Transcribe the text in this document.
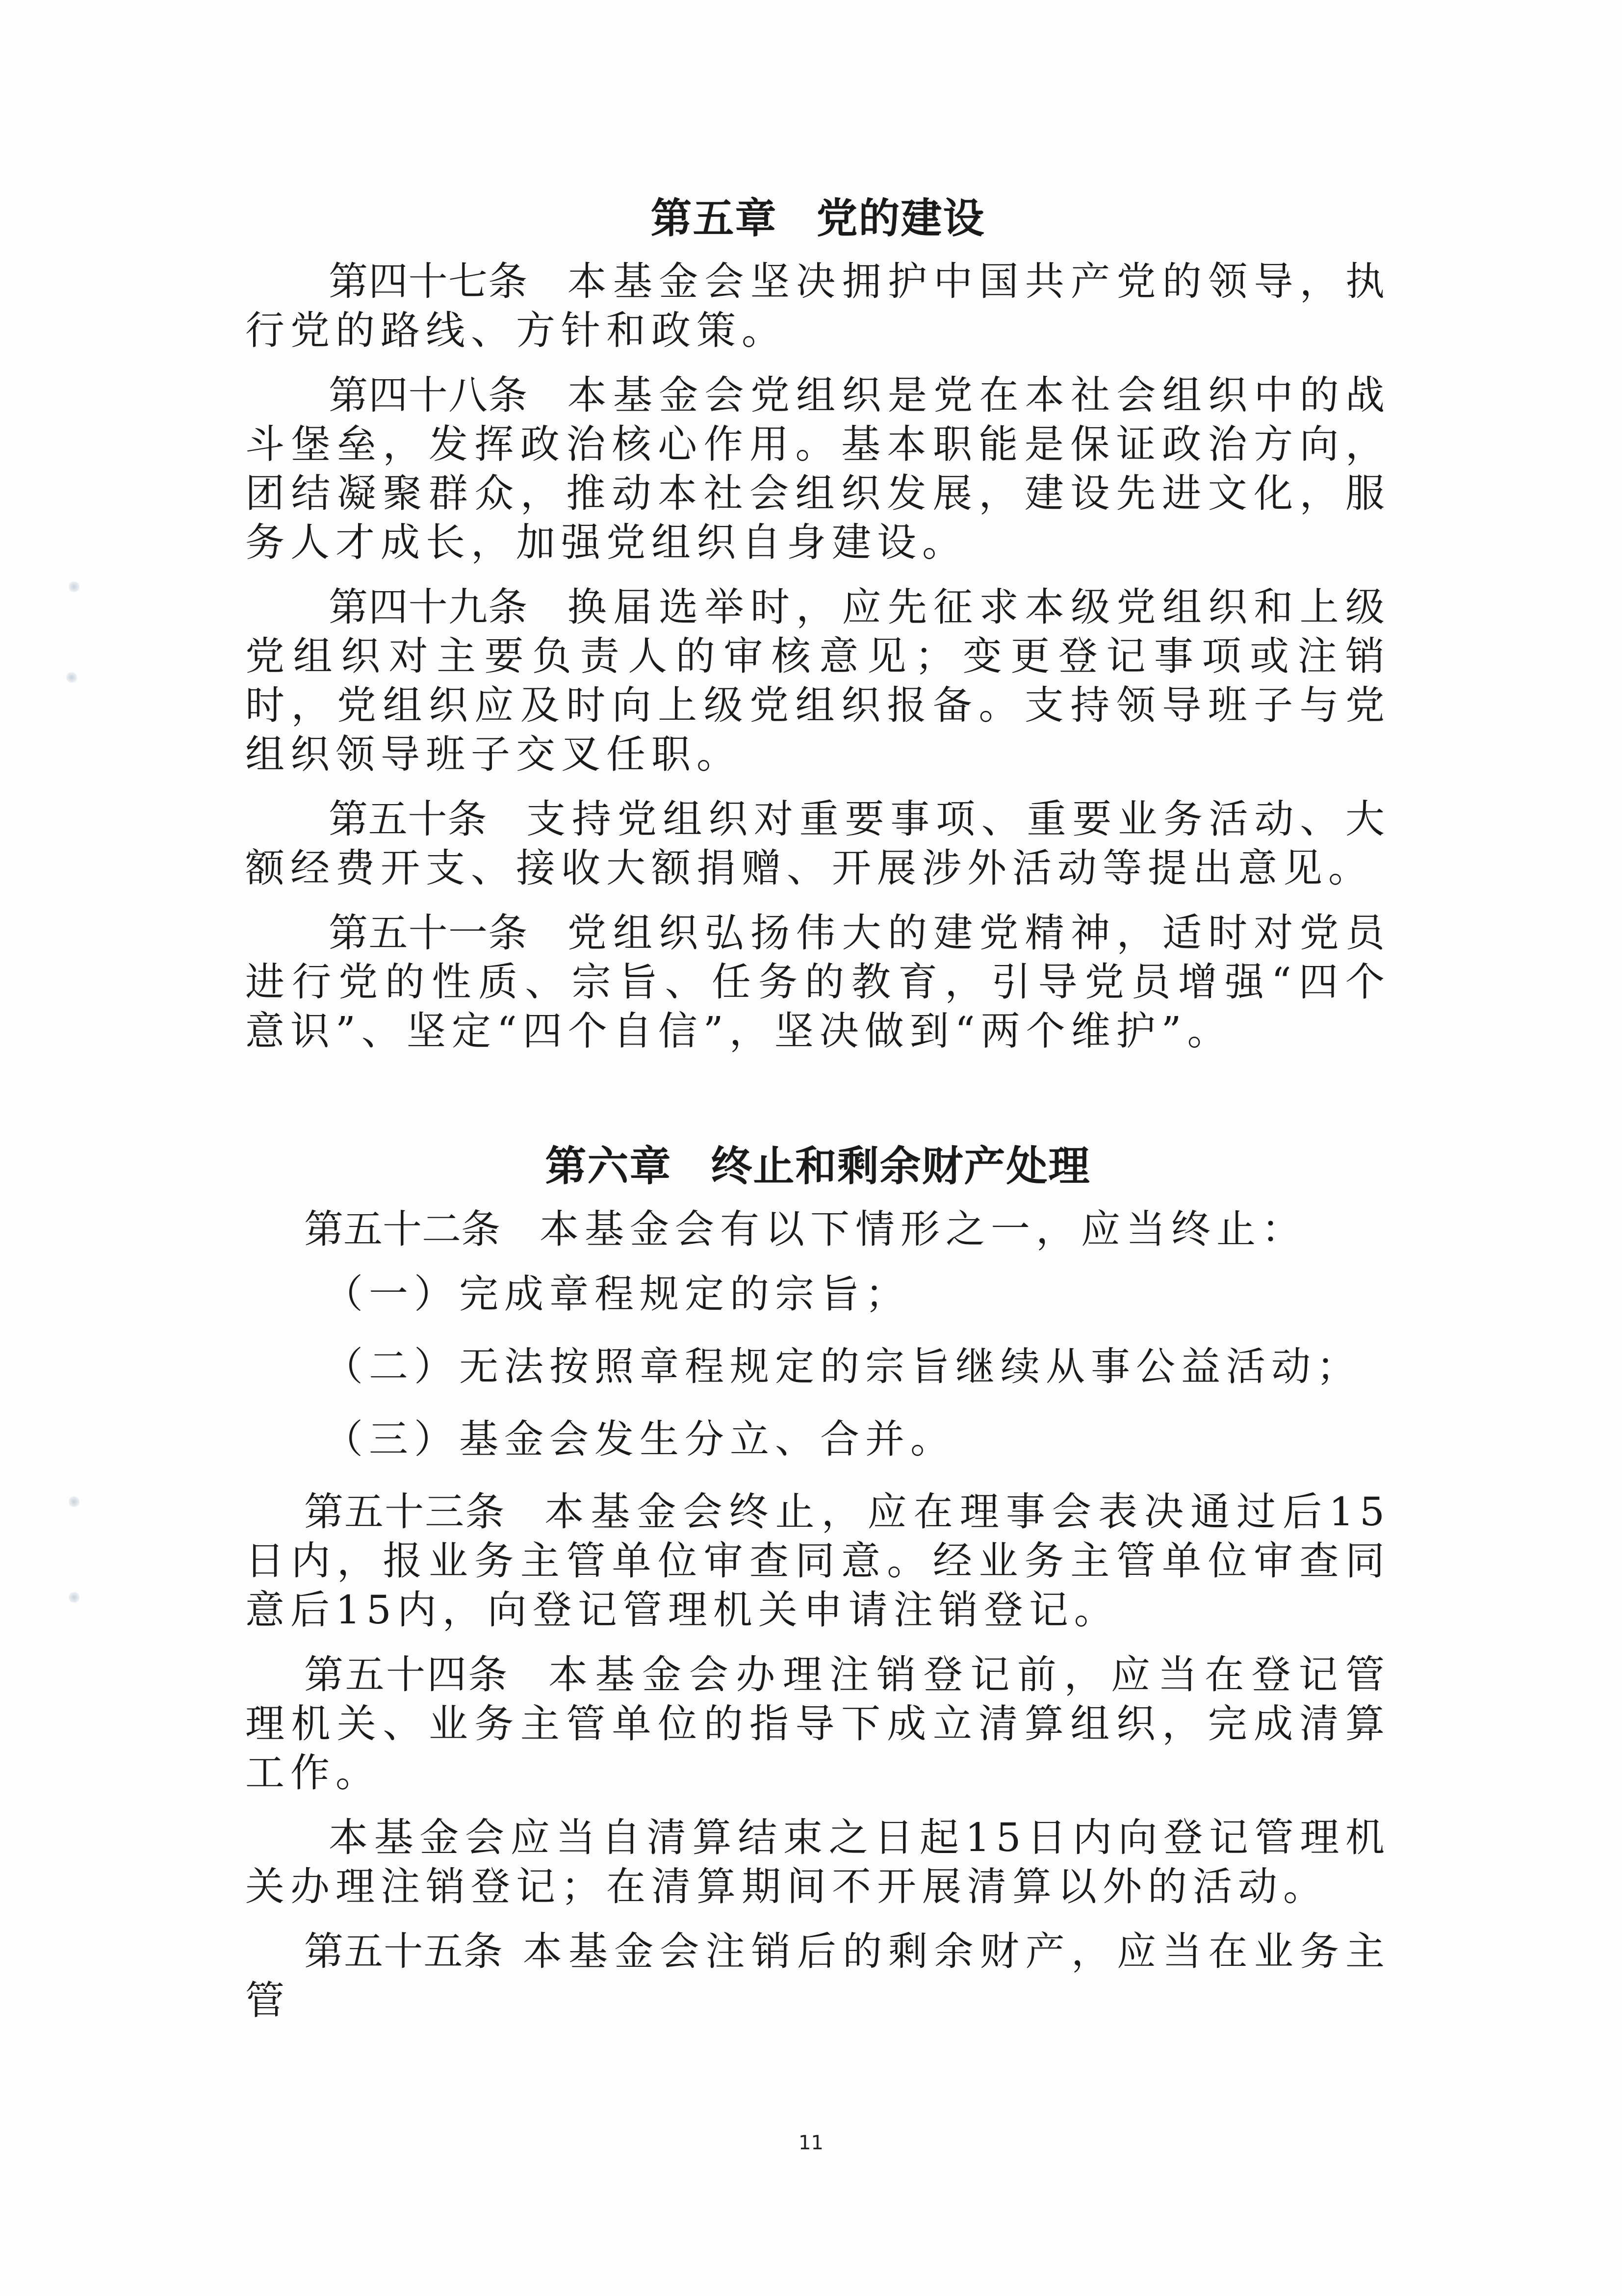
第五章 党的建设

第四十七条 本基金会坚决拥护中国共产党的领导，执行党的路线、方针和政策。

第四十八条 本基金会党组织是党在本社会组织中的战斗堡垒，发挥政治核心作用。基本职能是保证政治方向，团结凝聚群众，推动本社会组织发展，建设先进文化，服务人才成长，加强党组织自身建设。

第四十九条 换届选举时，应先征求本级党组织和上级党组织对主要负责人的审核意见；变更登记事项或注销时，党组织应及时向上级党组织报备。支持领导班子与党组织领导班子交叉任职。

第五十条 支持党组织对重要事项、重要业务活动、大额经费开支、接收大额捐赠、开展涉外活动等提出意见。

第五十一条 党组织弘扬伟大的建党精神，适时对党员进行党的性质、宗旨、任务的教育，引导党员增强“四个意识”、坚定“四个自信”，坚决做到“两个维护”。

第六章 终止和剩余财产处理

第五十二条 本基金会有以下情形之一，应当终止：

（一）完成章程规定的宗旨；

（二）无法按照章程规定的宗旨继续从事公益活动；

（三）基金会发生分立、合并。

第五十三条 本基金会终止，应在理事会表决通过后15日内，报业务主管单位审查同意。经业务主管单位审查同意后15内，向登记管理机关申请注销登记。

第五十四条 本基金会办理注销登记前，应当在登记管理机关、业务主管单位的指导下成立清算组织，完成清算工作。

本基金会应当自清算结束之日起15日内向登记管理机关办理注销登记；在清算期间不开展清算以外的活动。

第五十五条 本基金会注销后的剩余财产，应当在业务主管

11
